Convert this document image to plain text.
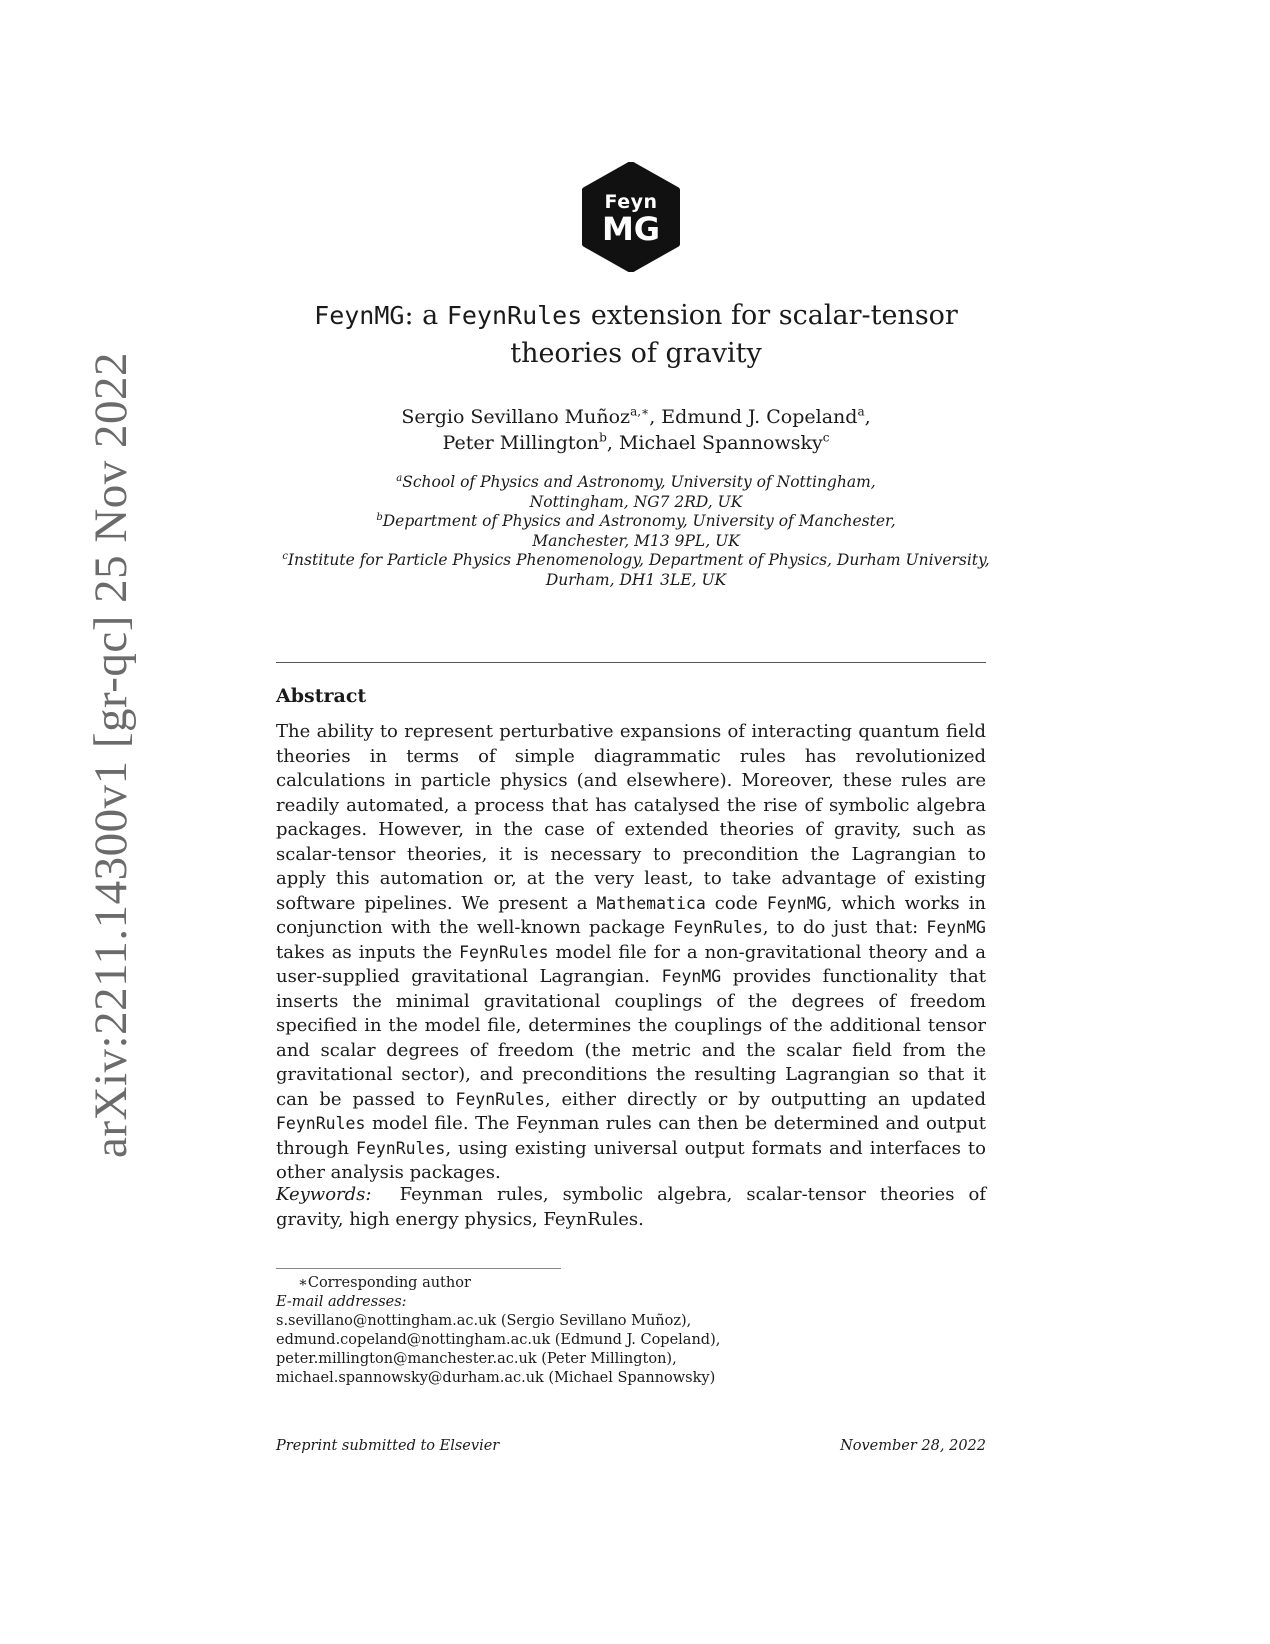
arXiv:2211.14300v1 [gr-qc] 25 Nov 2022
Feyn
MG
FeynMG: a FeynRules extension for scalar-tensor
theories of gravity
Sergio Sevillano Muñoz$^{a,∗}$, Edmund J. Copeland$^a$,
Peter Millington$^b$, Michael Spannowsky$^c$
$^a$School of Physics and Astronomy, University of Nottingham,
Nottingham, NG7 2RD, UK
$^b$Department of Physics and Astronomy, University of Manchester,
Manchester, M13 9PL, UK
$^c$Institute for Particle Physics Phenomenology, Department of Physics, Durham University,
Durham, DH1 3LE, UK
Abstract
The ability to represent perturbative expansions of interacting quantum field theories in terms of simple diagrammatic rules has revolutionized calculations in particle physics (and elsewhere). Moreover, these rules are readily automated, a process that has catalysed the rise of symbolic algebra packages. However, in the case of extended theories of gravity, such as scalar-tensor theories, it is necessary to precondition the Lagrangian to apply this automation or, at the very least, to take advantage of existing software pipelines. We present a Mathematica code FeynMG, which works in conjunction with the well-known package FeynRules, to do just that: FeynMG takes as inputs the FeynRules model file for a non-gravitational theory and a user-supplied gravitational Lagrangian. FeynMG provides functionality that inserts the minimal gravitational couplings of the degrees of freedom specified in the model file, determines the couplings of the additional tensor and scalar degrees of freedom (the metric and the scalar field from the gravitational sector), and preconditions the resulting Lagrangian so that it can be passed to FeynRules, either directly or by outputting an updated FeynRules model file. The Feynman rules can then be determined and output through FeynRules, using existing universal output formats and interfaces to other analysis packages.
Keywords: Feynman rules, symbolic algebra, scalar-tensor theories of gravity, high energy physics, FeynRules.
∗Corresponding author
E-mail addresses:
s.sevillano@nottingham.ac.uk (Sergio Sevillano Muñoz),
edmund.copeland@nottingham.ac.uk (Edmund J. Copeland),
peter.millington@manchester.ac.uk (Peter Millington),
michael.spannowsky@durham.ac.uk (Michael Spannowsky)
Preprint submitted to Elsevier	November 28, 2022
